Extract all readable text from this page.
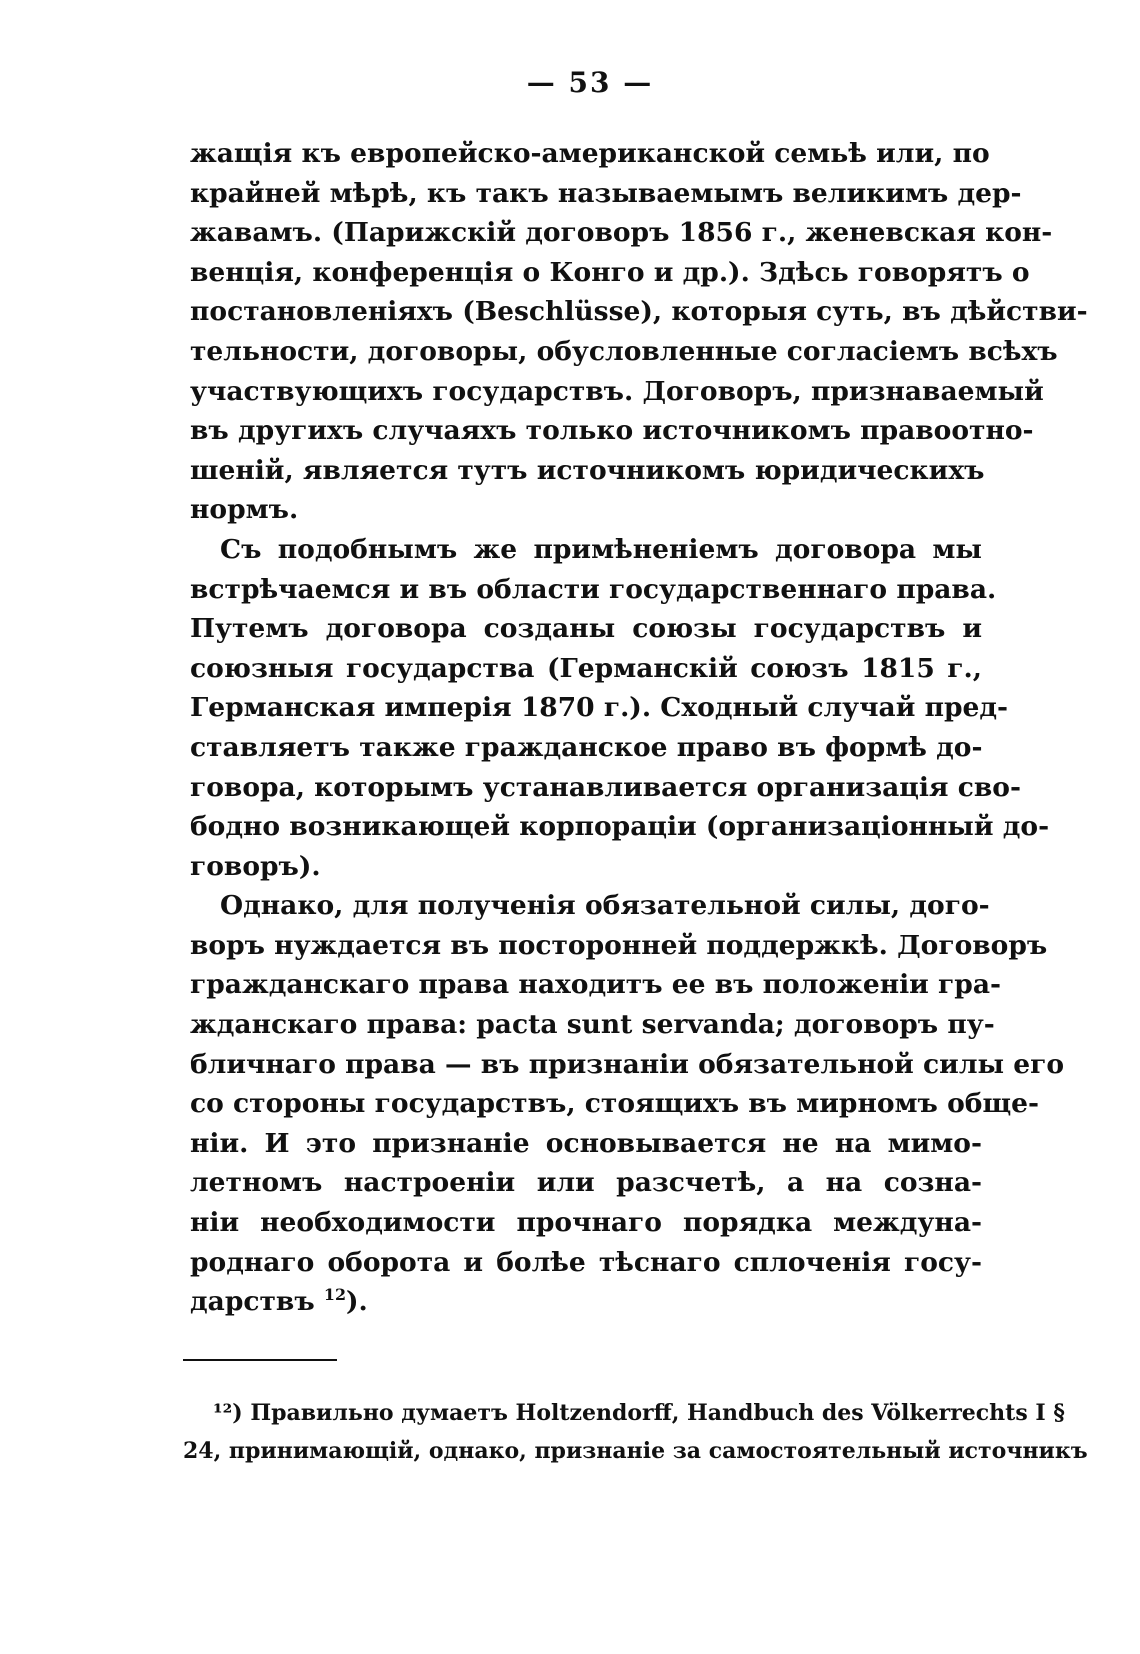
— 53 —
жащія къ европейско-американской семьѣ или, по
крайней мѣрѣ, къ такъ называемымъ великимъ дер-
жавамъ. (Парижскій договоръ 1856 г., женевская кон-
венція, конференція о Конго и др.). Здѣсь говорятъ о
постановленіяхъ (Beschlüsse), которыя суть, въ дѣйстви-
тельности, договоры, обусловленные согласіемъ всѣхъ
участвующихъ государствъ. Договоръ, признаваемый
въ другихъ случаяхъ только источникомъ правоотно-
шеній, является тутъ источникомъ юридическихъ
нормъ.
Съ подобнымъ же примѣненіемъ договора мы
встрѣчаемся и въ области государственнаго права.
Путемъ договора созданы союзы государствъ и
союзныя государства (Германскій союзъ 1815 г.,
Германская имперія 1870 г.). Сходный случай пред-
ставляетъ также гражданское право въ формѣ до-
говора, которымъ устанавливается организація сво-
бодно возникающей корпораціи (организаціонный до-
говоръ).
Однако, для полученія обязательной силы, дого-
воръ нуждается въ посторонней поддержкѣ. Договоръ
гражданскаго права находитъ ее въ положеніи гра-
жданскаго права: pacta sunt servanda; договоръ пу-
бличнаго права — въ признаніи обязательной силы его
со стороны государствъ, стоящихъ въ мирномъ обще-
ніи. И это признаніе основывается не на мимо-
летномъ настроеніи или разсчетѣ, а на созна-
ніи необходимости прочнаго порядка междуна-
роднаго оборота и болѣе тѣснаго сплоченія госу-
дарствъ $^{12}$).
¹²) Правильно думаетъ Holtzendorff, Handbuch des Völkerrechts I §
24, принимающій, однако, признаніе за самостоятельный источникъ
